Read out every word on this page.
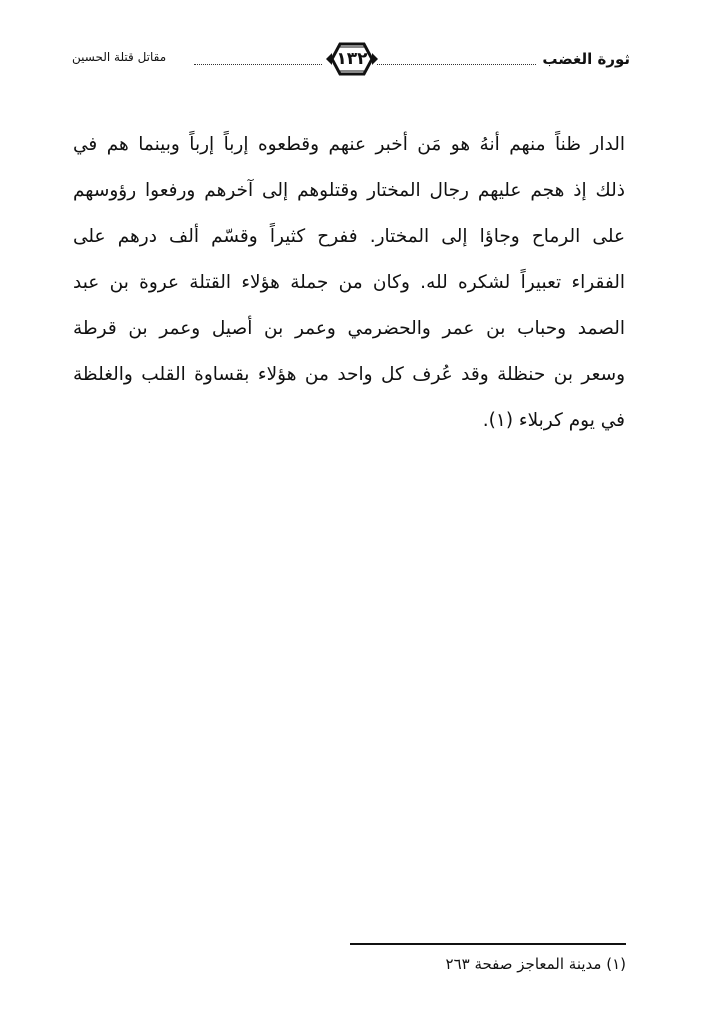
ثورة الغضب
١٣٢
مقاتل قتلة الحسين
الدار ظناً منهم أنهُ هو مَن أخبر عنهم وقطعوه إرباً إرباً وبينما هم في
ذلك إذ هجم عليهم رجال المختار وقتلوهم إلى آخرهم ورفعوا رؤوسهم
على الرماح وجاؤا إلى المختار. ففرح كثيراً وقسّم ألف درهم على
الفقراء تعبيراً لشكره لله. وكان من جملة هؤلاء القتلة عروة بن عبد
الصمد وحباب بن عمر والحضرمي وعمر بن أصيل وعمر بن قرطة
وسعر بن حنظلة وقد عُرف كل واحد من هؤلاء بقساوة القلب والغلظة
في يوم كربلاء (١).
(١) مدينة المعاجز صفحة ٢٦٣
